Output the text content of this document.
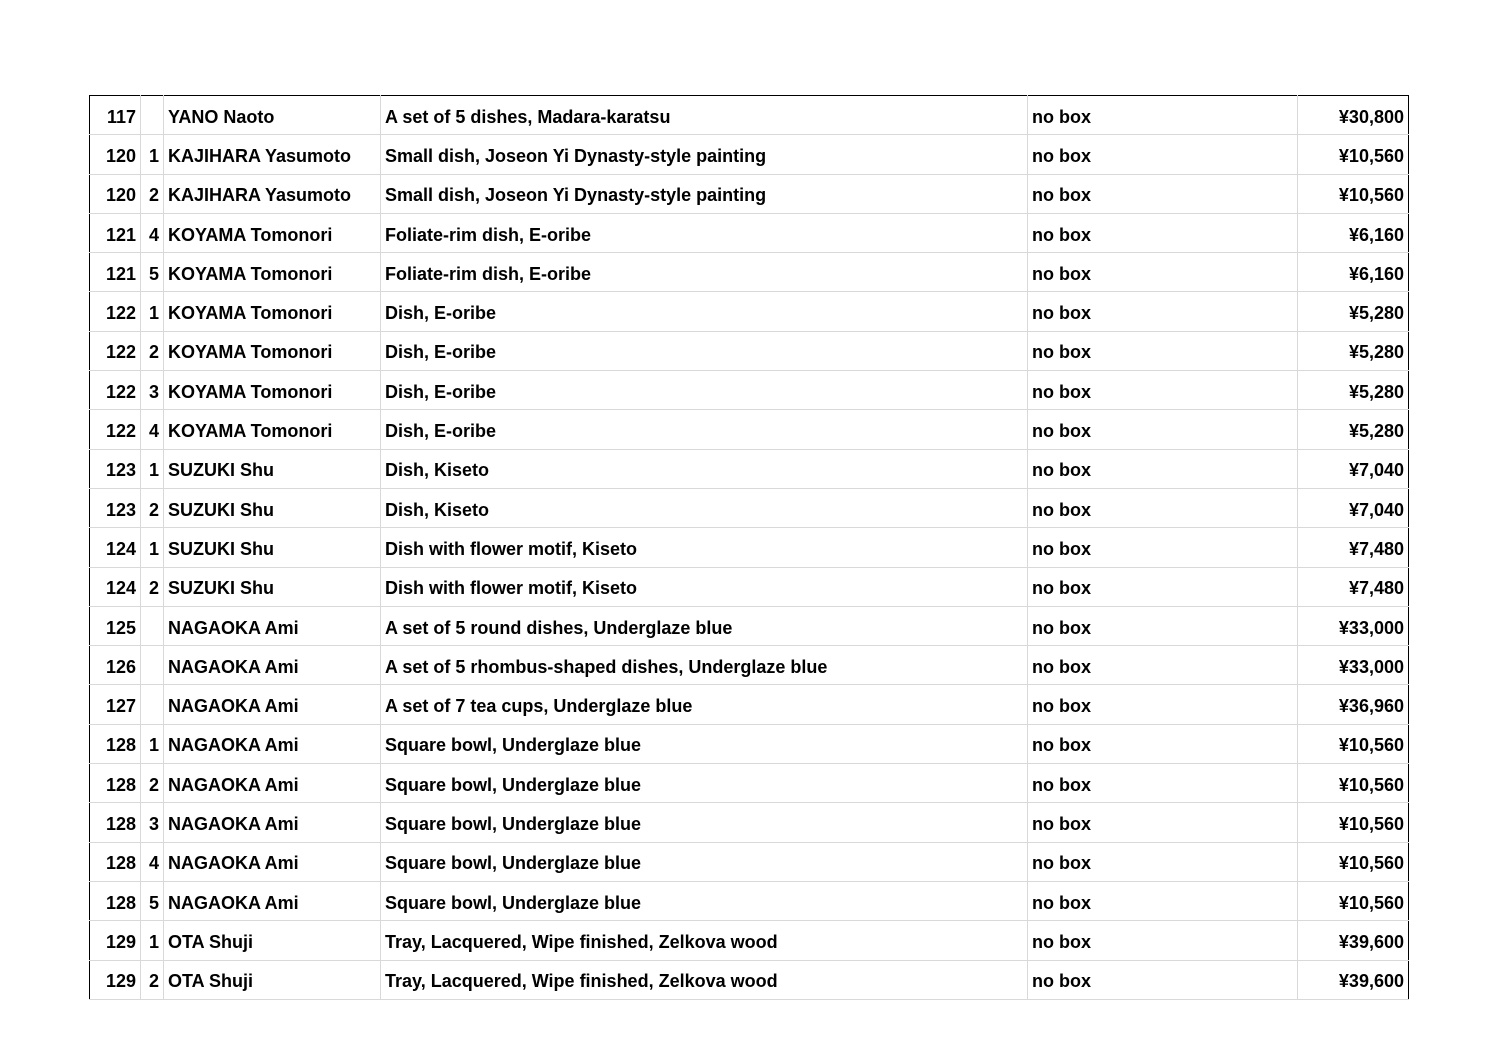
117		YANO Naoto	A set of 5 dishes, Madara-karatsu	no box	¥30,800
120	1	KAJIHARA Yasumoto	Small dish, Joseon Yi Dynasty-style painting	no box	¥10,560
120	2	KAJIHARA Yasumoto	Small dish, Joseon Yi Dynasty-style painting	no box	¥10,560
121	4	KOYAMA Tomonori	Foliate-rim dish, E-oribe	no box	¥6,160
121	5	KOYAMA Tomonori	Foliate-rim dish, E-oribe	no box	¥6,160
122	1	KOYAMA Tomonori	Dish, E-oribe	no box	¥5,280
122	2	KOYAMA Tomonori	Dish, E-oribe	no box	¥5,280
122	3	KOYAMA Tomonori	Dish, E-oribe	no box	¥5,280
122	4	KOYAMA Tomonori	Dish, E-oribe	no box	¥5,280
123	1	SUZUKI Shu	Dish, Kiseto	no box	¥7,040
123	2	SUZUKI Shu	Dish, Kiseto	no box	¥7,040
124	1	SUZUKI Shu	Dish with flower motif, Kiseto	no box	¥7,480
124	2	SUZUKI Shu	Dish with flower motif, Kiseto	no box	¥7,480
125		NAGAOKA Ami	A set of 5 round dishes, Underglaze blue	no box	¥33,000
126		NAGAOKA Ami	A set of 5 rhombus-shaped dishes, Underglaze blue	no box	¥33,000
127		NAGAOKA Ami	A set of 7 tea cups, Underglaze blue	no box	¥36,960
128	1	NAGAOKA Ami	Square bowl, Underglaze blue	no box	¥10,560
128	2	NAGAOKA Ami	Square bowl, Underglaze blue	no box	¥10,560
128	3	NAGAOKA Ami	Square bowl, Underglaze blue	no box	¥10,560
128	4	NAGAOKA Ami	Square bowl, Underglaze blue	no box	¥10,560
128	5	NAGAOKA Ami	Square bowl, Underglaze blue	no box	¥10,560
129	1	OTA Shuji	Tray, Lacquered, Wipe finished, Zelkova wood	no box	¥39,600
129	2	OTA Shuji	Tray, Lacquered, Wipe finished, Zelkova wood	no box	¥39,600
